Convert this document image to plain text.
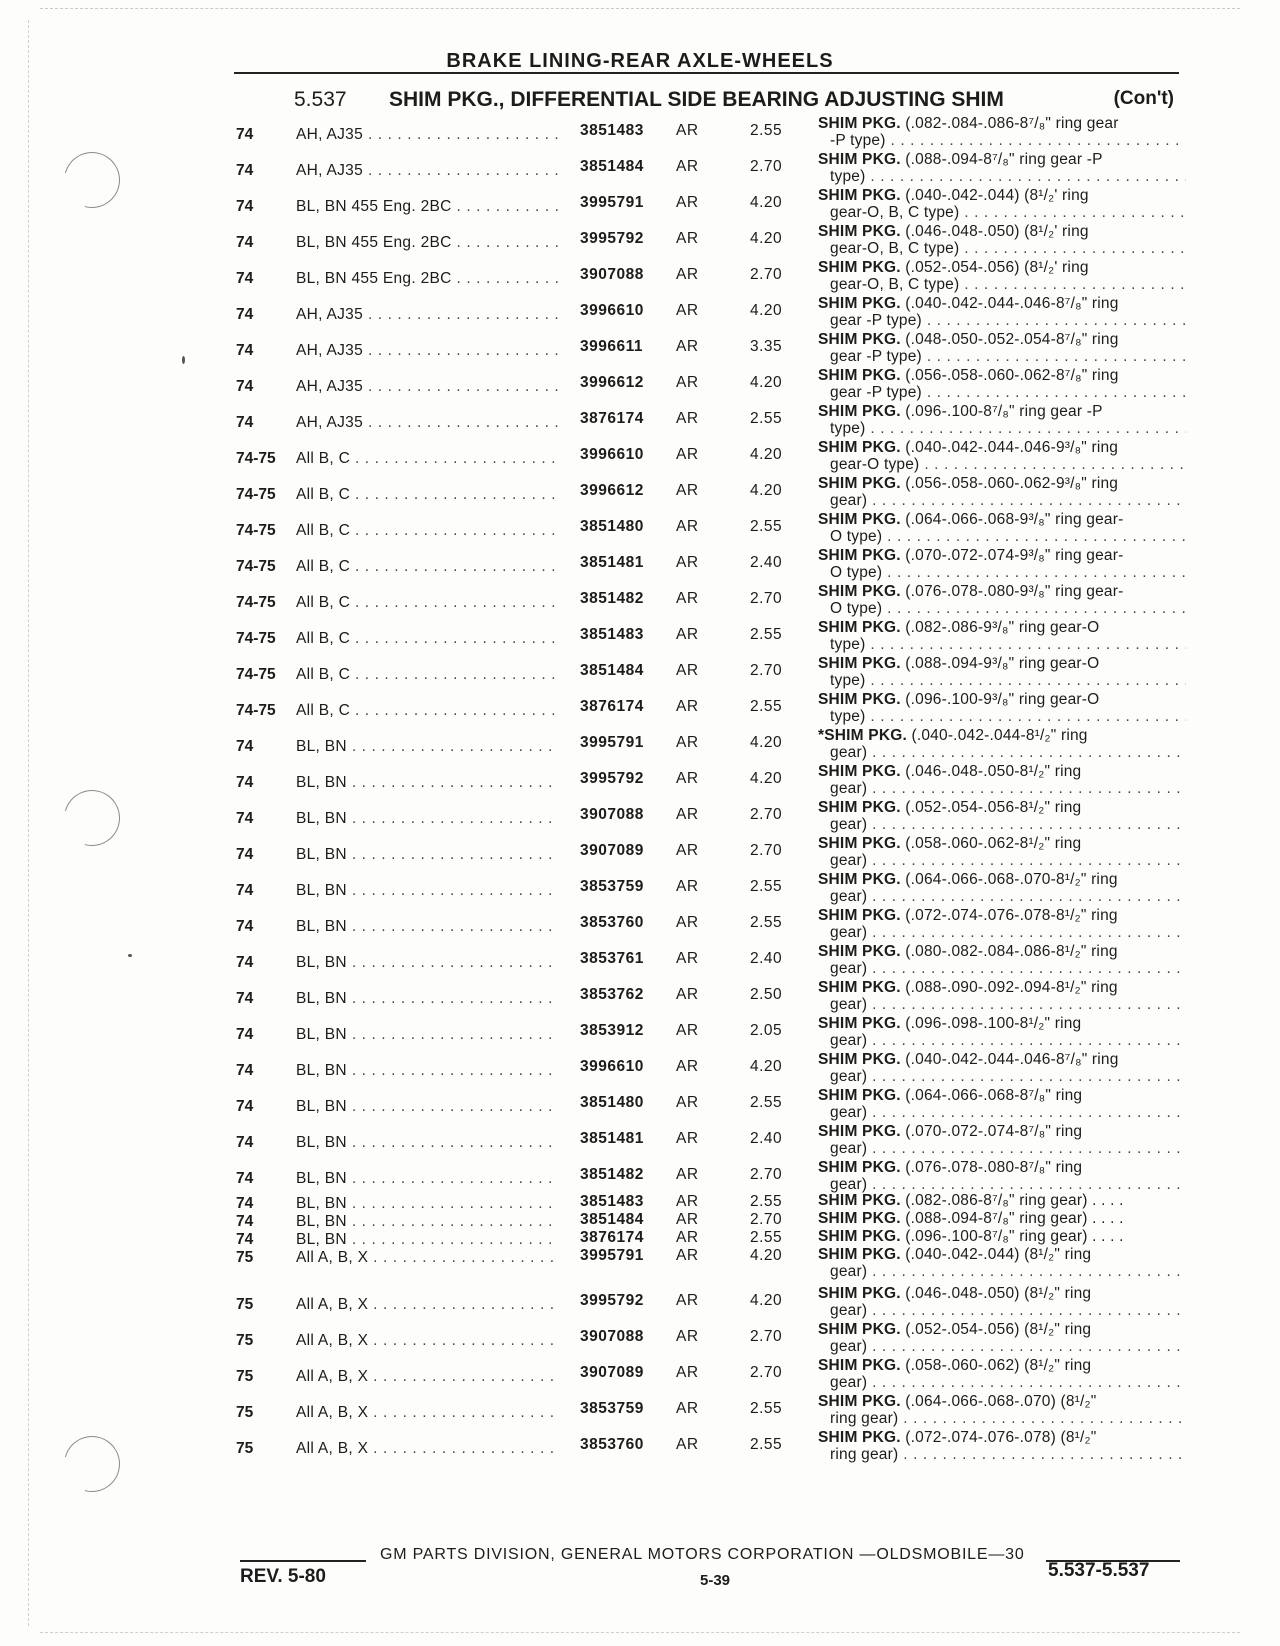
BRAKE LINING-REAR AXLE-WHEELS
5.537 SHIM PKG., DIFFERENTIAL SIDE BEARING ADJUSTING SHIM	(Con't)
74	AH, AJ35 . . .	3851483	AR	2.55	SHIM PKG. (.082-.084-.086-8⁷/₈" ring gear
-P type) . . .
74	AH, AJ35 . . .	3851484	AR	2.70	SHIM PKG. (.088-.094-8⁷/₈" ring gear -P
type) . . .
74	BL, BN 455 Eng. 2BC . . .	3995791	AR	4.20	SHIM PKG. (.040-.042-.044) (8¹/₂' ring
gear-O, B, C type) . . .
74	BL, BN 455 Eng. 2BC . . .	3995792	AR	4.20	SHIM PKG. (.046-.048-.050) (8¹/₂' ring
gear-O, B, C type) . . .
74	BL, BN 455 Eng. 2BC . . .	3907088	AR	2.70	SHIM PKG. (.052-.054-.056) (8¹/₂' ring
gear-O, B, C type) . . .
74	AH, AJ35 . . .	3996610	AR	4.20	SHIM PKG. (.040-.042-.044-.046-8⁷/₈" ring
gear -P type) . . .
74	AH, AJ35 . . .	3996611	AR	3.35	SHIM PKG. (.048-.050-.052-.054-8⁷/₈" ring
gear -P type) . . .
74	AH, AJ35 . . .	3996612	AR	4.20	SHIM PKG. (.056-.058-.060-.062-8⁷/₈" ring
gear -P type) . . .
74	AH, AJ35 . . .	3876174	AR	2.55	SHIM PKG. (.096-.100-8⁷/₈" ring gear -P
type) . . .
74-75	All B, C . . .	3996610	AR	4.20	SHIM PKG. (.040-.042-.044-.046-9³/₈" ring
gear-O type) . . .
74-75	All B, C . . .	3996612	AR	4.20	SHIM PKG. (.056-.058-.060-.062-9³/₈" ring
gear) . . .
74-75	All B, C . . .	3851480	AR	2.55	SHIM PKG. (.064-.066-.068-9³/₈" ring gear-
O type) . . .
74-75	All B, C . . .	3851481	AR	2.40	SHIM PKG. (.070-.072-.074-9³/₈" ring gear-
O type) . . .
74-75	All B, C . . .	3851482	AR	2.70	SHIM PKG. (.076-.078-.080-9³/₈" ring gear-
O type) . . .
74-75	All B, C . . .	3851483	AR	2.55	SHIM PKG. (.082-.086-9³/₈" ring gear-O
type) . . .
74-75	All B, C . . .	3851484	AR	2.70	SHIM PKG. (.088-.094-9³/₈" ring gear-O
type) . . .
74-75	All B, C . . .	3876174	AR	2.55	SHIM PKG. (.096-.100-9³/₈" ring gear-O
type) . . .
74	BL, BN . . .	3995791	AR	4.20	*SHIM PKG. (.040-.042-.044-8¹/₂" ring
gear) . . .
74	BL, BN . . .	3995792	AR	4.20	SHIM PKG. (.046-.048-.050-8¹/₂" ring
gear) . . .
74	BL, BN . . .	3907088	AR	2.70	SHIM PKG. (.052-.054-.056-8¹/₂" ring
gear) . . .
74	BL, BN . . .	3907089	AR	2.70	SHIM PKG. (.058-.060-.062-8¹/₂" ring
gear) . . .
74	BL, BN . . .	3853759	AR	2.55	SHIM PKG. (.064-.066-.068-.070-8¹/₂" ring
gear) . . .
74	BL, BN . . .	3853760	AR	2.55	SHIM PKG. (.072-.074-.076-.078-8¹/₂" ring
gear) . . .
74	BL, BN . . .	3853761	AR	2.40	SHIM PKG. (.080-.082-.084-.086-8¹/₂" ring
gear) . . .
74	BL, BN . . .	3853762	AR	2.50	SHIM PKG. (.088-.090-.092-.094-8¹/₂" ring
gear) . . .
74	BL, BN . . .	3853912	AR	2.05	SHIM PKG. (.096-.098-.100-8¹/₂" ring
gear) . . .
74	BL, BN . . .	3996610	AR	4.20	SHIM PKG. (.040-.042-.044-.046-8⁷/₈" ring
gear) . . .
74	BL, BN . . .	3851480	AR	2.55	SHIM PKG. (.064-.066-.068-8⁷/₈" ring
gear) . . .
74	BL, BN . . .	3851481	AR	2.40	SHIM PKG. (.070-.072-.074-8⁷/₈" ring
gear) . . .
74	BL, BN . . .	3851482	AR	2.70	SHIM PKG. (.076-.078-.080-8⁷/₈" ring
gear) . . .
74	BL, BN . . .	3851483	AR	2.55	SHIM PKG. (.082-.086-8⁷/₈" ring gear) . . . .
74	BL, BN . . .	3851484	AR	2.70	SHIM PKG. (.088-.094-8⁷/₈" ring gear) . . . .
74	BL, BN . . .	3876174	AR	2.55	SHIM PKG. (.096-.100-8⁷/₈" ring gear) . . . .
75	All A, B, X . . .	3995791	AR	4.20	SHIM PKG. (.040-.042-.044) (8¹/₂" ring
gear) . . .
75	All A, B, X . . .	3995792	AR	4.20	SHIM PKG. (.046-.048-.050) (8¹/₂" ring
gear) . . .
75	All A, B, X . . .	3907088	AR	2.70	SHIM PKG. (.052-.054-.056) (8¹/₂" ring
gear) . . .
75	All A, B, X . . .	3907089	AR	2.70	SHIM PKG. (.058-.060-.062) (8¹/₂" ring
gear) . . .
75	All A, B, X . . .	3853759	AR	2.55	SHIM PKG. (.064-.066-.068-.070) (8¹/₂"
ring gear) . . .
75	All A, B, X . . .	3853760	AR	2.55	SHIM PKG. (.072-.074-.076-.078) (8¹/₂"
ring gear) . . .
GM PARTS DIVISION, GENERAL MOTORS CORPORATION —OLDSMOBILE—30
REV. 5-80	5-39	5.537-5.537
